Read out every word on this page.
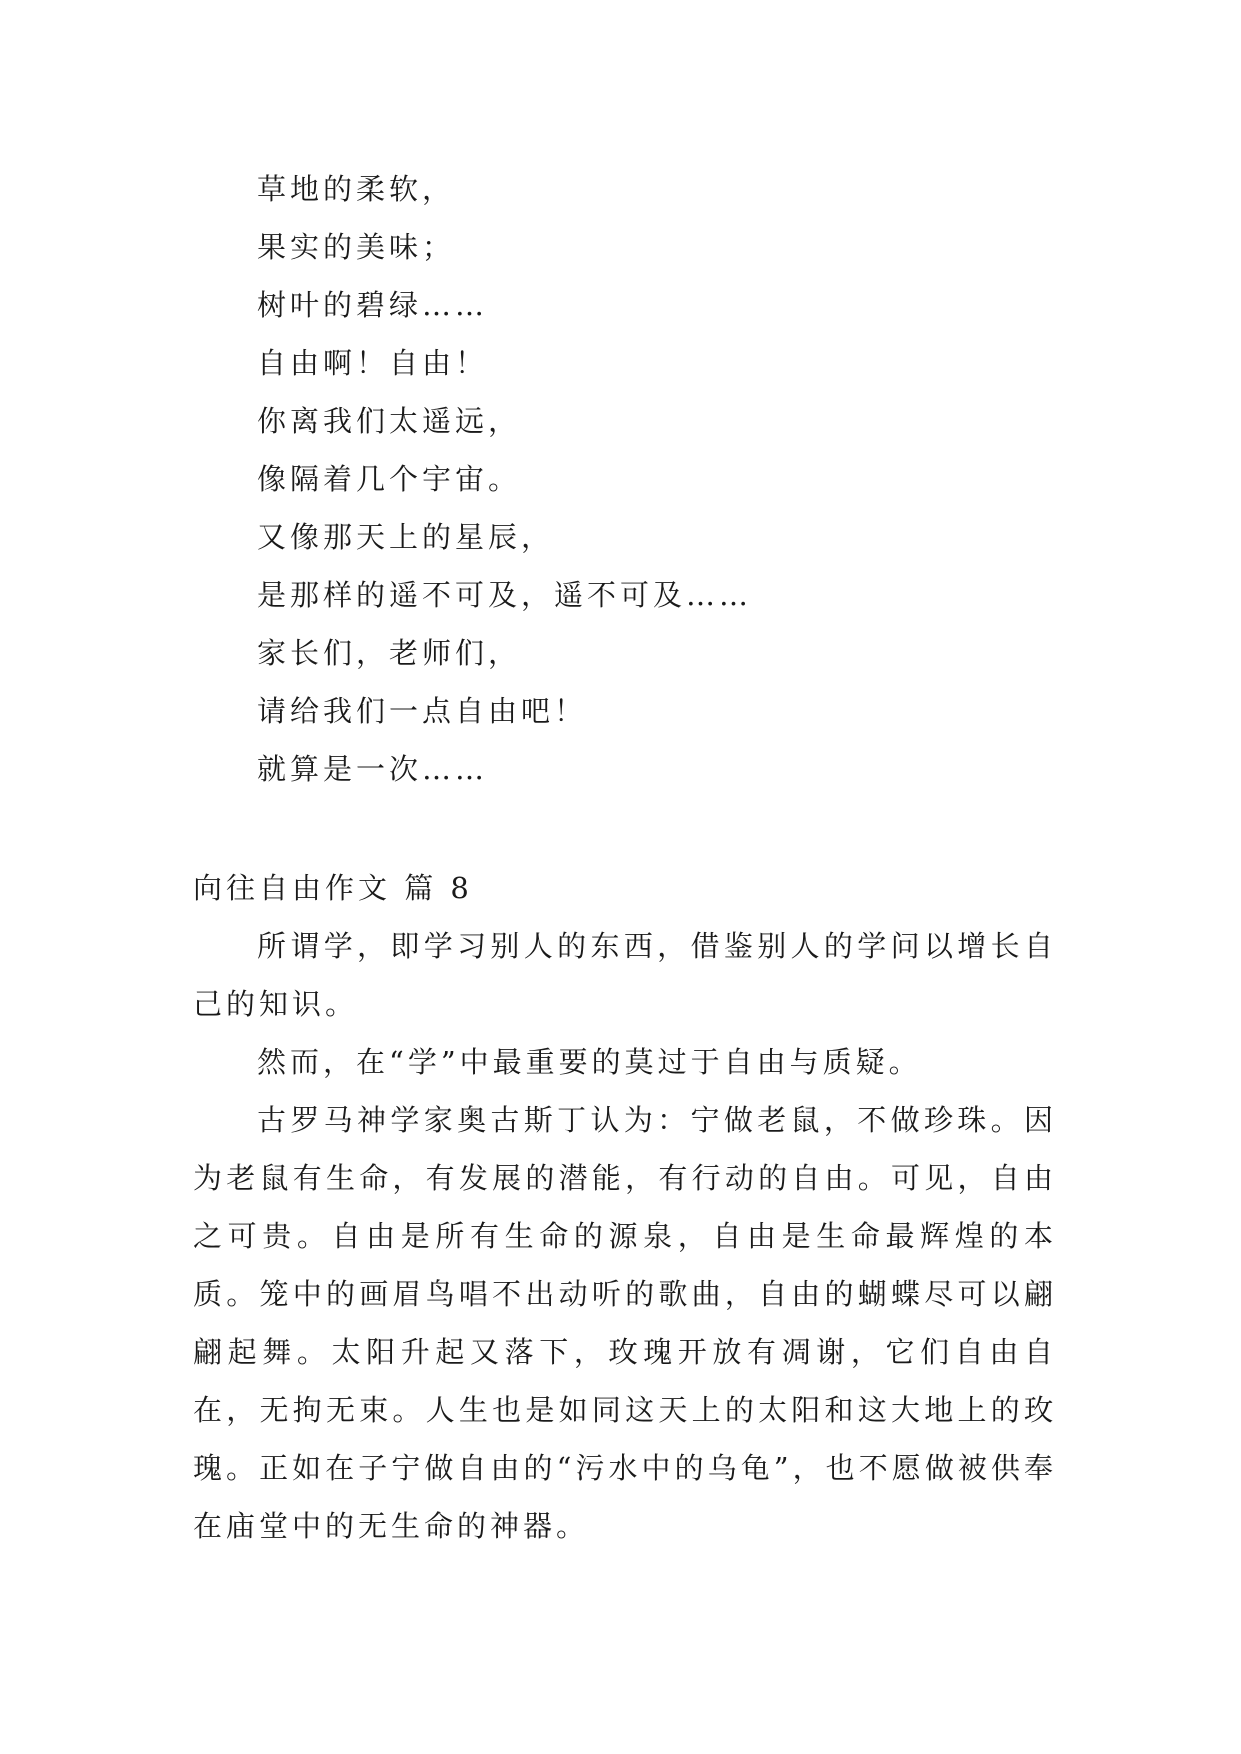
草地的柔软，
果实的美味；
树叶的碧绿……
自由啊！自由！
你离我们太遥远，
像隔着几个宇宙。
又像那天上的星辰，
是那样的遥不可及，遥不可及……
家长们，老师们，
请给我们一点自由吧！
就算是一次……
向往自由作文 篇 8

所谓学，即学习别人的东西，借鉴别人的学问以增长自己的知识。

然而，在“学”中最重要的莫过于自由与质疑。

古罗马神学家奥古斯丁认为：宁做老鼠，不做珍珠。因为老鼠有生命，有发展的潜能，有行动的自由。可见，自由之可贵。自由是所有生命的源泉，自由是生命最辉煌的本质。笼中的画眉鸟唱不出动听的歌曲，自由的蝴蝶尽可以翩翩起舞。太阳升起又落下，玫瑰开放有凋谢，它们自由自在，无拘无束。人生也是如同这天上的太阳和这大地上的玫瑰。正如在子宁做自由的“污水中的乌龟”，也不愿做被供奉在庙堂中的无生命的神器。
